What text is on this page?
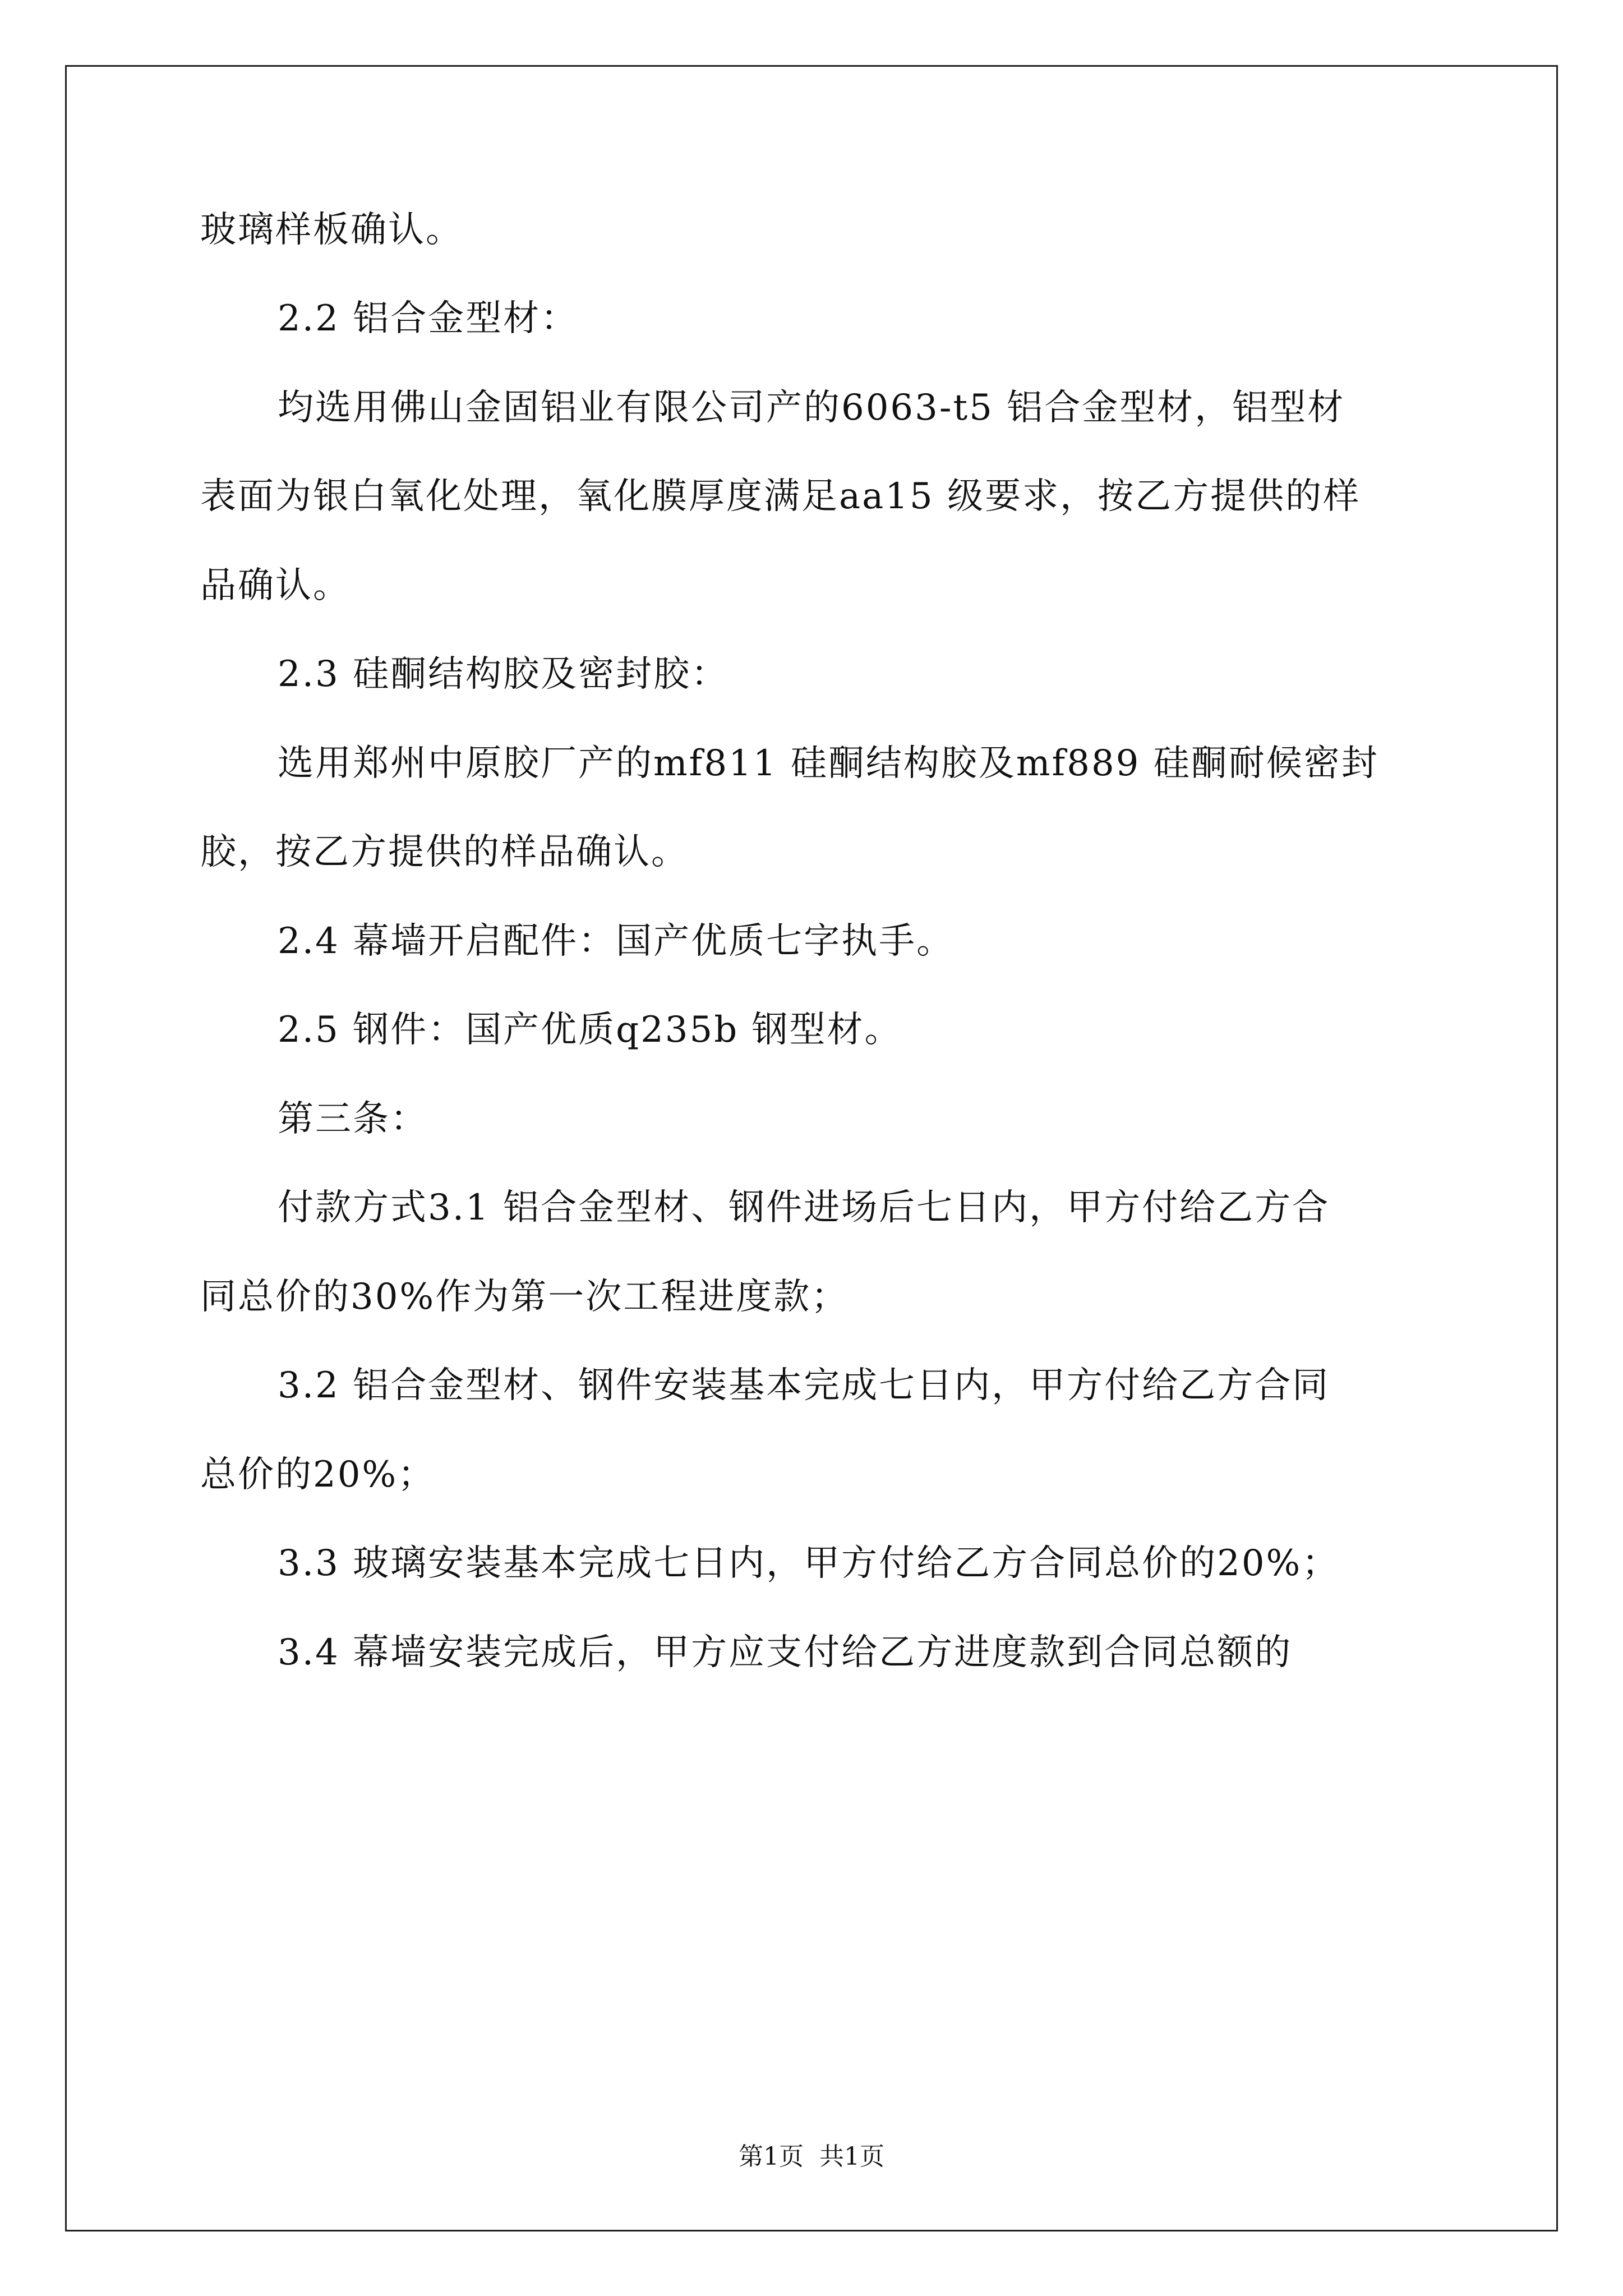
玻璃样板确认。
2.2 铝合金型材：
均选用佛山金固铝业有限公司产的6063-t5 铝合金型材，铝型材
表面为银白氧化处理，氧化膜厚度满足aa15 级要求，按乙方提供的样
品确认。
2.3 硅酮结构胶及密封胶：
选用郑州中原胶厂产的mf811 硅酮结构胶及mf889 硅酮耐候密封
胶，按乙方提供的样品确认。
2.4 幕墙开启配件：国产优质七字执手。
2.5 钢件：国产优质q235b 钢型材。
第三条：
付款方式3.1 铝合金型材、钢件进场后七日内，甲方付给乙方合
同总价的30%作为第一次工程进度款；
3.2 铝合金型材、钢件安装基本完成七日内，甲方付给乙方合同
总价的20%；
3.3 玻璃安装基本完成七日内，甲方付给乙方合同总价的20%；
3.4 幕墙安装完成后，甲方应支付给乙方进度款到合同总额的
第1页  共1页
